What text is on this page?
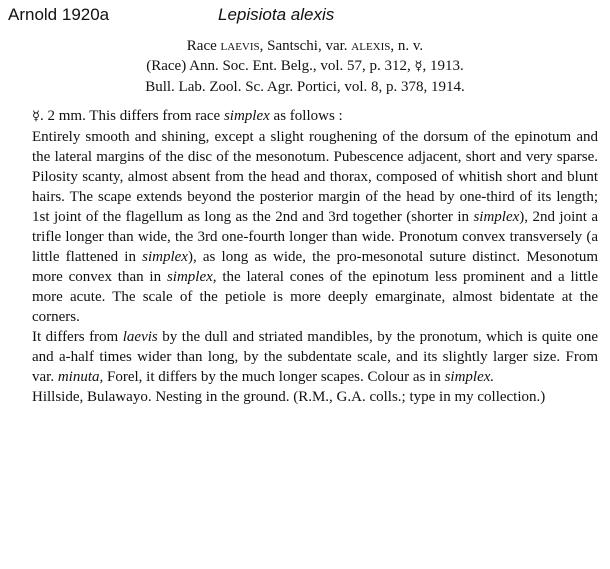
Arnold 1920a	Lepisiota alexis
Race laevis, Santschi, var. alexis, n. v.
(Race) Ann. Soc. Ent. Belg., vol. 57, p. 312, ☿, 1913.
Bull. Lab. Zool. Sc. Agr. Portici, vol. 8, p. 378, 1914.

☿. 2 mm. This differs from race simplex as follows :
Entirely smooth and shining, except a slight roughening of the dorsum of the epinotum and the lateral margins of the disc of the mesonotum. Pubescence adjacent, short and very sparse. Pilosity scanty, almost absent from the head and thorax, composed of whitish short and blunt hairs. The scape extends beyond the posterior margin of the head by one-third of its length; 1st joint of the flagellum as long as the 2nd and 3rd together (shorter in simplex), 2nd joint a trifle longer than wide, the 3rd one-fourth longer than wide. Pronotum convex transversely (a little flattened in simplex), as long as wide, the pro-mesonotal suture distinct. Mesonotum more convex than in simplex, the lateral cones of the epinotum less prominent and a little more acute. The scale of the petiole is more deeply emarginate, almost bidentate at the corners.

It differs from laevis by the dull and striated mandibles, by the pronotum, which is quite one and a-half times wider than long, by the subdentate scale, and its slightly larger size. From var. minuta, Forel, it differs by the much longer scapes. Colour as in simplex.

Hillside, Bulawayo. Nesting in the ground. (R.M., G.A. colls.; type in my collection.)
